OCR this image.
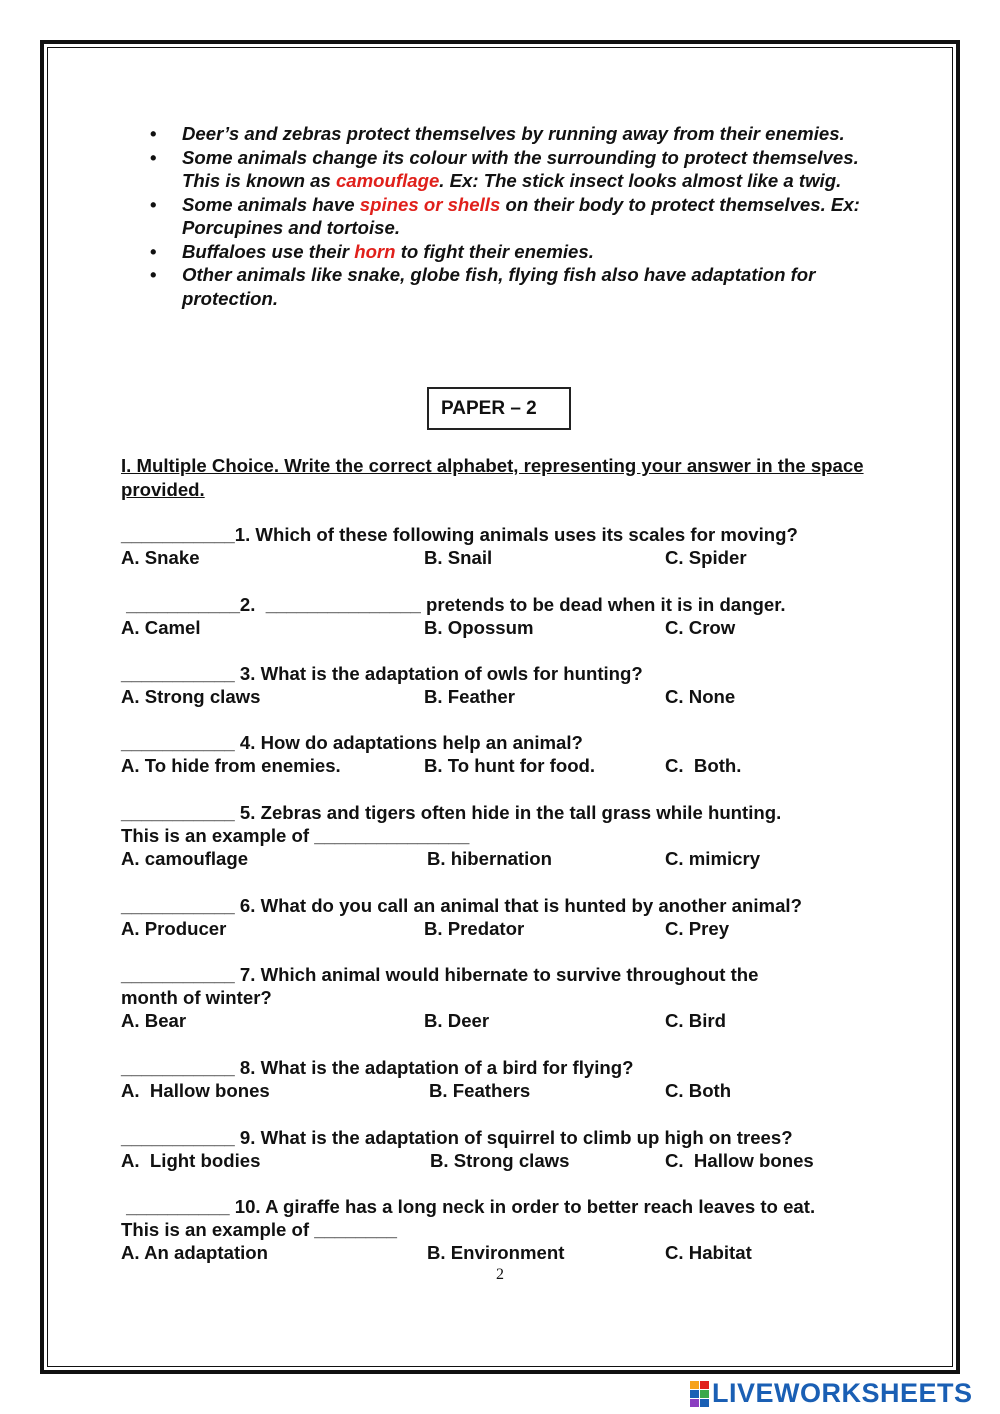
• Deer’s and zebras protect themselves by running away from their enemies.
• Some animals change its colour with the surrounding to protect themselves. This is known as camouflage. Ex: The stick insect looks almost like a twig.
• Some animals have spines or shells on their body to protect themselves. Ex: Porcupines and tortoise.
• Buffaloes use their horn to fight their enemies.
• Other animals like snake, globe fish, flying fish also have adaptation for protection.
PAPER – 2
I. Multiple Choice. Write the correct alphabet, representing your answer in the space provided.
___________1. Which of these following animals uses its scales for moving?
A. Snake	B. Snail	C. Spider
___________2.  _______________ pretends to be dead when it is in danger.
A. Camel	B. Opossum	C. Crow
___________ 3. What is the adaptation of owls for hunting?
A. Strong claws	B. Feather	C. None
___________ 4. How do adaptations help an animal?
A. To hide from enemies.	B. To hunt for food.	C.  Both.
___________ 5. Zebras and tigers often hide in the tall grass while hunting.
This is an example of _______________
A. camouflage	B. hibernation	C. mimicry
___________ 6. What do you call an animal that is hunted by another animal?
A. Producer	B. Predator	C. Prey
___________ 7. Which animal would hibernate to survive throughout the
month of winter?
A. Bear	B. Deer	C. Bird
___________ 8. What is the adaptation of a bird for flying?
A.  Hallow bones	B. Feathers	C. Both
___________ 9. What is the adaptation of squirrel to climb up high on trees?
A.  Light bodies	B. Strong claws	C.  Hallow bones
__________ 10. A giraffe has a long neck in order to better reach leaves to eat.
This is an example of ________
A. An adaptation	B. Environment	C. Habitat
2
LIVEWORKSHEETS
